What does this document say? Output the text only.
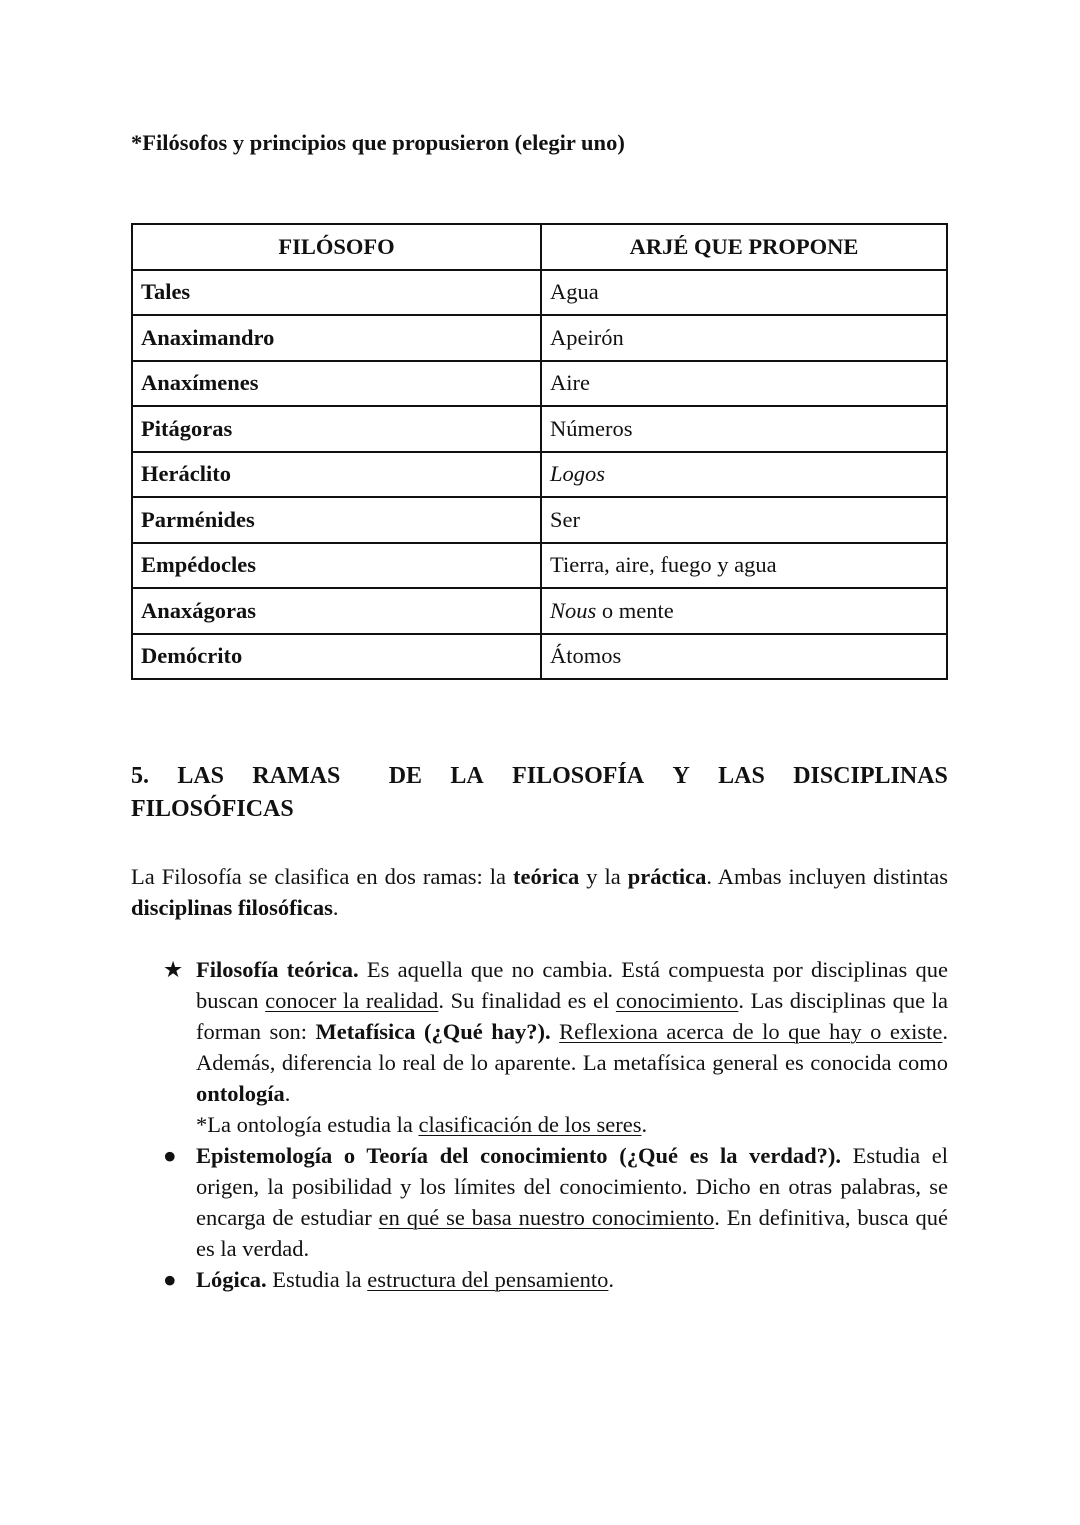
*Filósofos y principios que propusieron (elegir uno)
FILÓSOFO	ARJÉ QUE PROPONE
Tales	Agua
Anaximandro	Apeirón
Anaxímenes	Aire
Pitágoras	Números
Heráclito	Logos
Parménides	Ser
Empédocles	Tierra, aire, fuego y agua
Anaxágoras	Nous o mente
Demócrito	Átomos
5. LAS RAMAS DE LA FILOSOFÍA Y LAS DISCIPLINAS
FILOSÓFICAS
La Filosofía se clasifica en dos ramas: la teórica y la práctica. Ambas incluyen distintas disciplinas filosóficas.
★ Filosofía teórica. Es aquella que no cambia. Está compuesta por disciplinas que buscan conocer la realidad. Su finalidad es el conocimiento. Las disciplinas que la forman son: Metafísica (¿Qué hay?). Reflexiona acerca de lo que hay o existe. Además, diferencia lo real de lo aparente. La metafísica general es conocida como ontología.
*La ontología estudia la clasificación de los seres.
● Epistemología o Teoría del conocimiento (¿Qué es la verdad?). Estudia el origen, la posibilidad y los límites del conocimiento. Dicho en otras palabras, se encarga de estudiar en qué se basa nuestro conocimiento. En definitiva, busca qué es la verdad.
● Lógica. Estudia la estructura del pensamiento.
